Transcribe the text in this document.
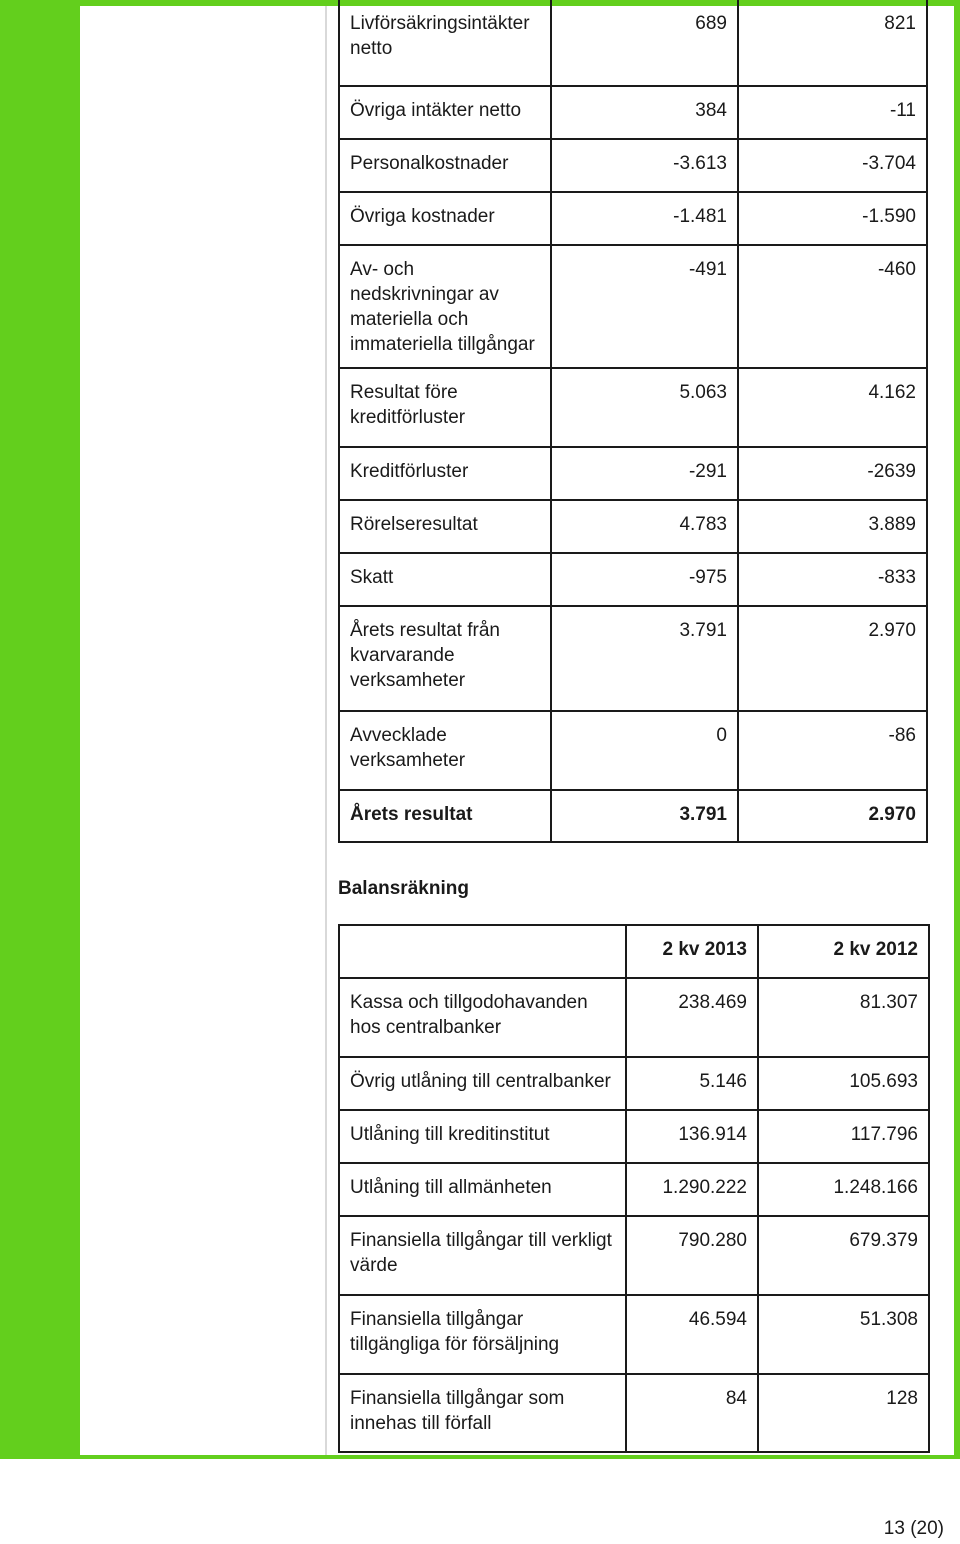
Livförsäkringsintäkter netto	689	821
Övriga intäkter netto	384	-11
Personalkostnader	-3.613	-3.704
Övriga kostnader	-1.481	-1.590
Av- och nedskrivningar av materiella och immateriella tillgångar	-491	-460
Resultat före kreditförluster	5.063	4.162
Kreditförluster	-291	-2639
Rörelseresultat	4.783	3.889
Skatt	-975	-833
Årets resultat från kvarvarande verksamheter	3.791	2.970
Avvecklade verksamheter	0	-86
Årets resultat	3.791	2.970
Balansräkning
	2 kv 2013	2 kv 2012
Kassa och tillgodohavanden hos centralbanker	238.469	81.307
Övrig utlåning till centralbanker	5.146	105.693
Utlåning till kreditinstitut	136.914	117.796
Utlåning till allmänheten	1.290.222	1.248.166
Finansiella tillgångar till verkligt värde	790.280	679.379
Finansiella tillgångar tillgängliga för försäljning	46.594	51.308
Finansiella tillgångar som innehas till förfall	84	128
13 (20)
